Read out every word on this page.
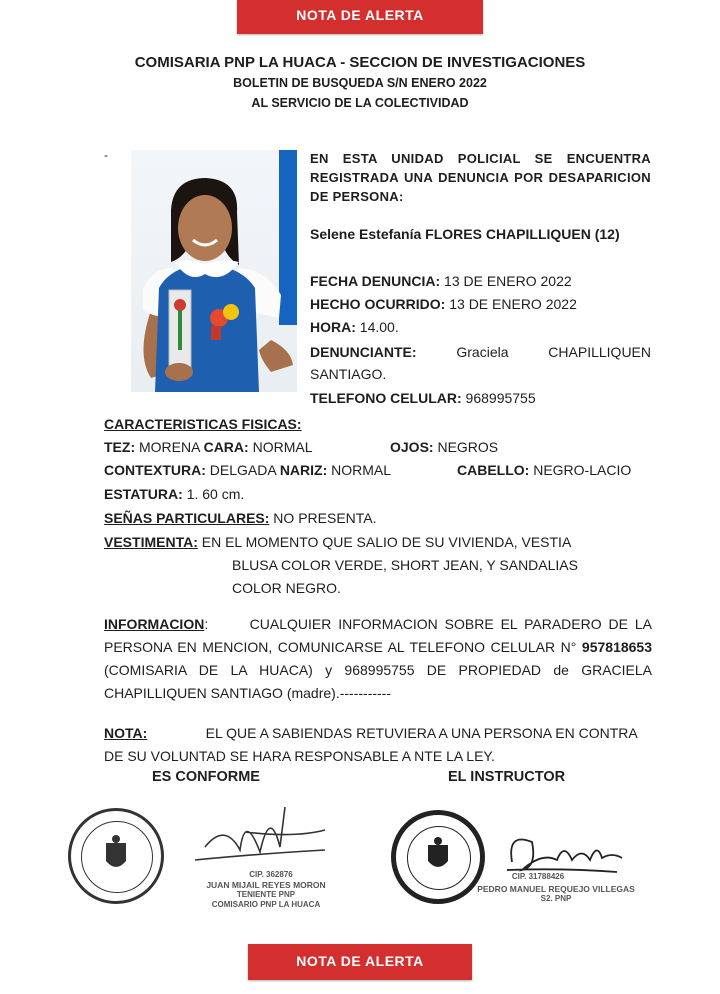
NOTA DE ALERTA
COMISARIA PNP LA HUACA - SECCION DE INVESTIGACIONES
BOLETIN DE BUSQUEDA S/N ENERO 2022
AL SERVICIO DE LA COLECTIVIDAD
-	EN ESTA UNIDAD POLICIAL SE ENCUENTRA REGISTRADA UNA DENUNCIA POR DESAPARICION DE PERSONA:
Selene Estefanía FLORES CHAPILLIQUEN (12)
FECHA DENUNCIA: 13 DE ENERO 2022
HECHO OCURRIDO: 13 DE ENERO 2022
HORA: 14.00.
DENUNCIANTE: Graciela CHAPILLIQUEN SANTIAGO.
TELEFONO CELULAR: 968995755
CARACTERISTICAS FISICAS:
TEZ: MORENA CARA: NORMAL	OJOS: NEGROS
CONTEXTURA: DELGADA NARIZ: NORMAL	CABELLO: NEGRO-LACIO
ESTATURA: 1. 60 cm.
SEÑAS PARTICULARES: NO PRESENTA.
VESTIMENTA: EN EL MOMENTO QUE SALIO DE SU VIVIENDA, VESTIA
BLUSA COLOR VERDE, SHORT JEAN, Y SANDALIAS
COLOR NEGRO.
INFORMACION:	CUALQUIER INFORMACION SOBRE EL PARADERO DE LA PERSONA EN MENCION, COMUNICARSE AL TELEFONO CELULAR N° 957818653 (COMISARIA DE LA HUACA) y 968995755 DE PROPIEDAD de GRACIELA CHAPILLIQUEN SANTIAGO (madre).-----------
NOTA:	EL QUE A SABIENDAS RETUVIERA A UNA PERSONA EN CONTRA DE SU VOLUNTAD SE HARA RESPONSABLE A NTE LA LEY.
ES CONFORME	EL INSTRUCTOR
CIP. 362876
JUAN MIJAIL REYES MORON
TENIENTE PNP
COMISARIO PNP LA HUACA
CIP. 31788426
PEDRO MANUEL REQUEJO VILLEGAS
S2. PNP
NOTA DE ALERTA
